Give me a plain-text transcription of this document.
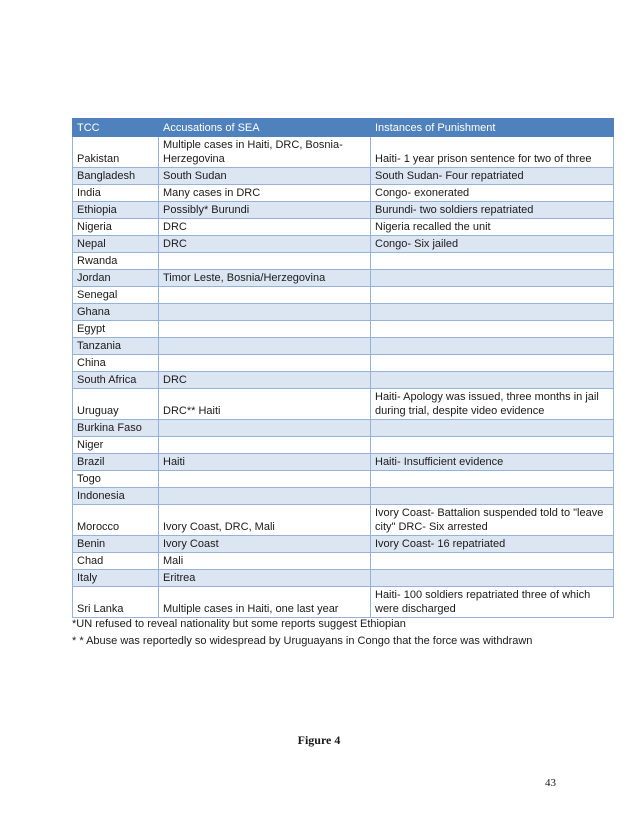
TCC	Accusations of SEA	Instances of Punishment
Pakistan	Multiple cases in Haiti, DRC, Bosnia-Herzegovina	Haiti- 1 year prison sentence for two of three
Bangladesh	South Sudan	South Sudan- Four repatriated
India	Many cases in DRC	Congo- exonerated
Ethiopia	Possibly* Burundi	Burundi- two soldiers repatriated
Nigeria	DRC	Nigeria recalled the unit
Nepal	DRC	Congo- Six jailed
Rwanda		
Jordan	Timor Leste, Bosnia/Herzegovina	
Senegal		
Ghana		
Egypt		
Tanzania		
China		
South Africa	DRC	
Uruguay	DRC** Haiti	Haiti- Apology was issued, three months in jail during trial, despite video evidence
Burkina Faso		
Niger		
Brazil	Haiti	Haiti- Insufficient evidence
Togo		
Indonesia		
Morocco	Ivory Coast, DRC, Mali	Ivory Coast- Battalion suspended told to "leave city" DRC- Six arrested
Benin	Ivory Coast	Ivory Coast- 16 repatriated
Chad	Mali	
Italy	Eritrea	
Sri Lanka	Multiple cases in Haiti, one last year	Haiti- 100 soldiers repatriated three of which were discharged
*UN refused to reveal nationality but some reports suggest Ethiopian
* * Abuse was reportedly so widespread by Uruguayans in Congo that the force was withdrawn
Figure 4
43
